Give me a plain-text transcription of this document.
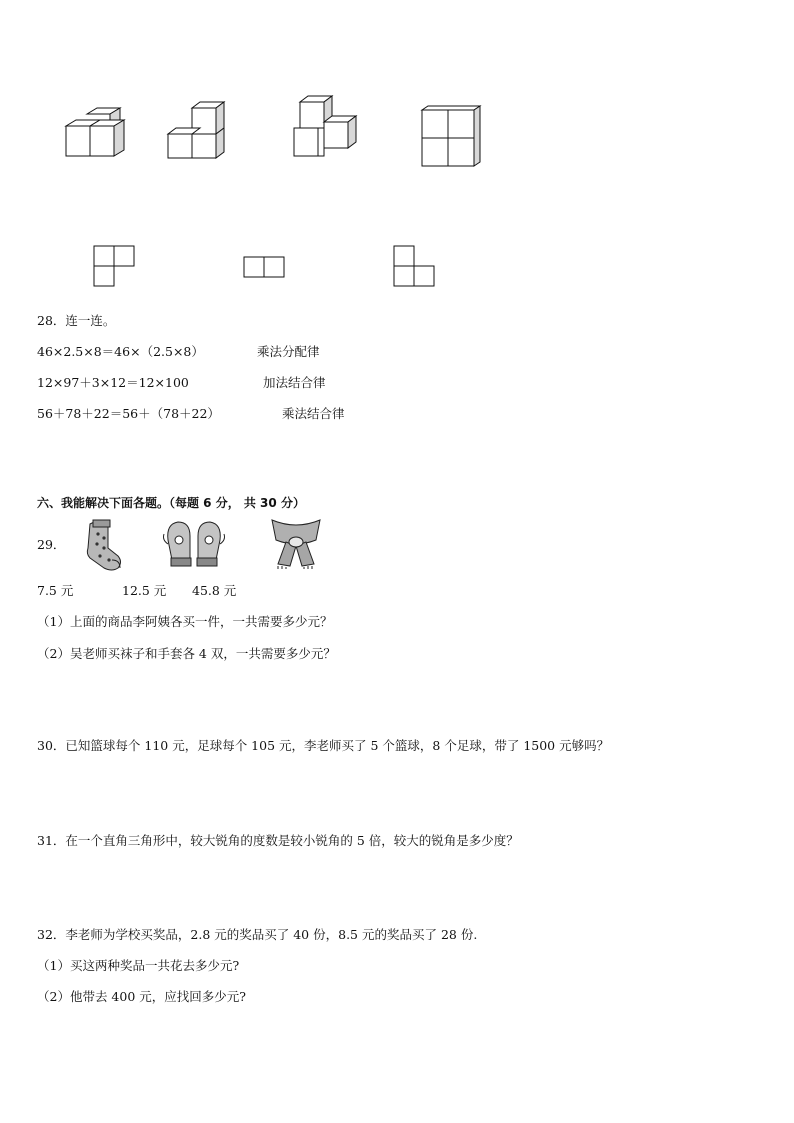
28．连一连。
46×2.5×8＝46×（2.5×8）	乘法分配律
12×97＋3×12＝12×100	加法结合律
56＋78＋22＝56＋（78＋22）	乘法结合律
六、我能解决下面各题。（每题 6 分， 共 30 分）
29．
7.5 元	12.5 元 45.8 元
（1）上面的商品李阿姨各买一件，一共需要多少元？
（2）吴老师买袜子和手套各 4 双，一共需要多少元？
30．已知篮球每个 110 元，足球每个 105 元，李老师买了 5 个篮球，8 个足球，带了 1500 元够吗？
31．在一个直角三角形中，较大锐角的度数是较小锐角的 5 倍，较大的锐角是多少度？
32．李老师为学校买奖品，2.8 元的奖品买了 40 份，8.5 元的奖品买了 28 份.
（1）买这两种奖品一共花去多少元?
（2）他带去 400 元，应找回多少元?
